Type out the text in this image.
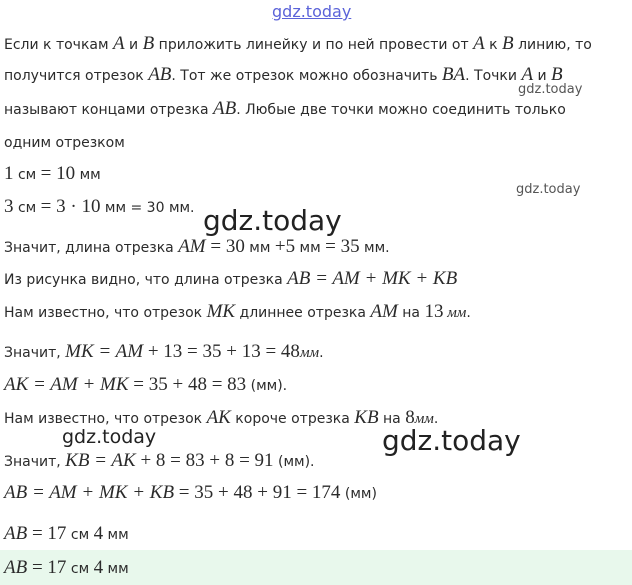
gdz.today
gdz.today
gdz.today
gdz.today
gdz.today	gdz.today
Если к точкам A и B приложить линейку и по ней провести от A к B линию, то
получится отрезок AB. Тот же отрезок можно обозначить BA. Точки A и B
называют концами отрезка AB. Любые две точки можно соединить только
одним отрезком
1 см = 10 мм
3 см = 3 · 10 мм = 30 мм.
Значит, длина отрезка AM = 30 мм +5 мм = 35 мм.
Из рисунка видно, что длина отрезка AB = AM + MK + KB
Нам известно, что отрезок MK длиннее отрезка AM на 13 мм.
Значит, MK = AM + 13 = 35 + 13 = 48мм.
AK = AM + MK = 35 + 48 = 83 (мм).
Нам известно, что отрезок AK короче отрезка KB на 8мм.
Значит, KB = AK + 8 = 83 + 8 = 91 (мм).
AB = AM + MK + KB = 35 + 48 + 91 = 174 (мм)
AB = 17 см 4 мм
AB = 17 см 4 мм
